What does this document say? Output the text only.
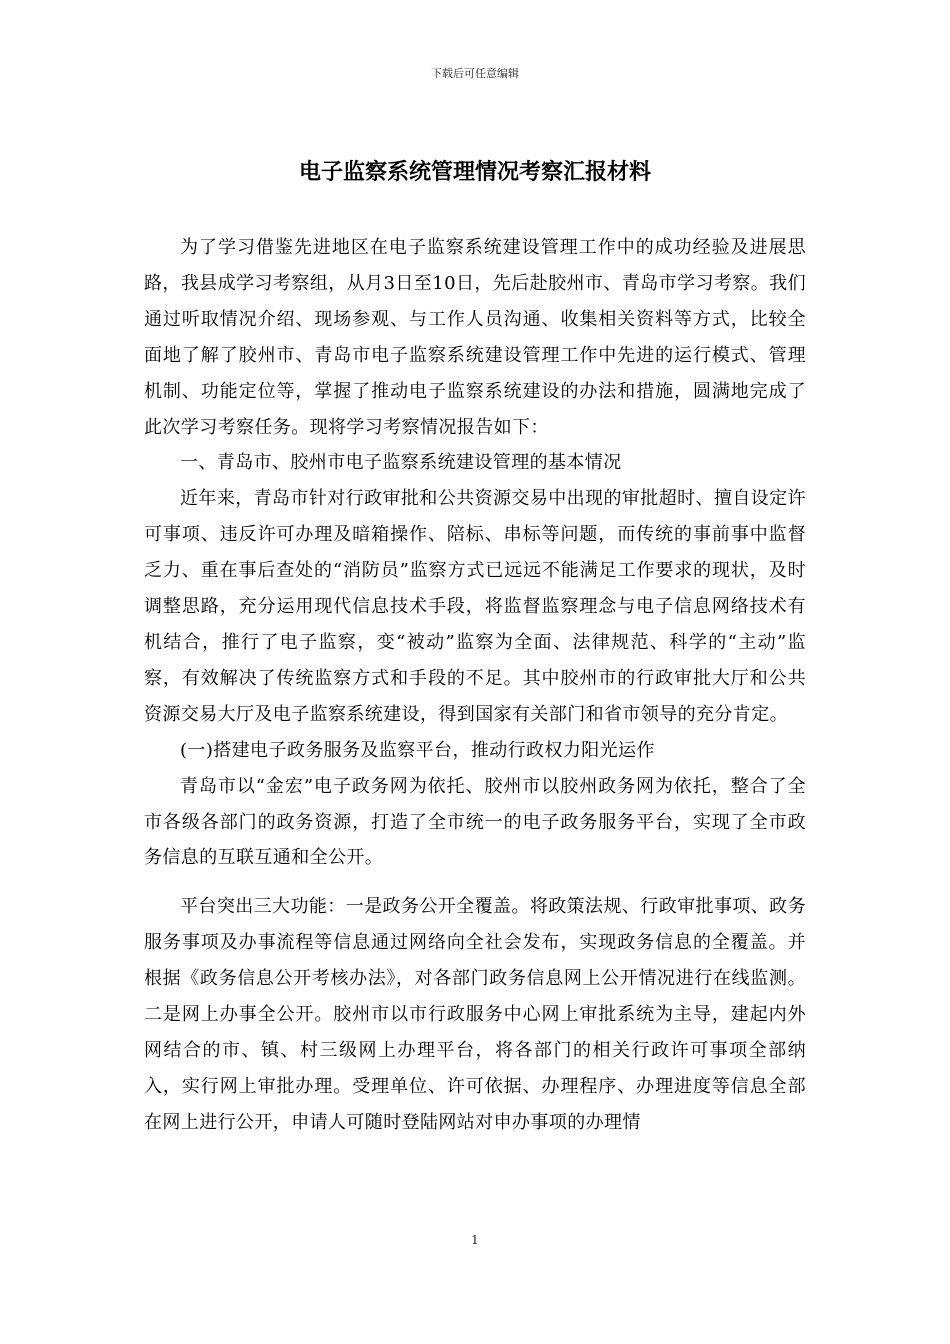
下载后可任意编辑
电子监察系统管理情况考察汇报材料

为了学习借鉴先进地区在电子监察系统建设管理工作中的成功经验及进展思路，我县成学习考察组，从月3日至10日，先后赴胶州市、青岛市学习考察。我们通过听取情况介绍、现场参观、与工作人员沟通、收集相关资料等方式，比较全面地了解了胶州市、青岛市电子监察系统建设管理工作中先进的运行模式、管理机制、功能定位等，掌握了推动电子监察系统建设的办法和措施，圆满地完成了此次学习考察任务。现将学习考察情况报告如下：

一、青岛市、胶州市电子监察系统建设管理的基本情况

近年来，青岛市针对行政审批和公共资源交易中出现的审批超时、擅自设定许可事项、违反许可办理及暗箱操作、陪标、串标等问题，而传统的事前事中监督乏力、重在事后查处的“消防员”监察方式已远远不能满足工作要求的现状，及时调整思路，充分运用现代信息技术手段，将监督监察理念与电子信息网络技术有机结合，推行了电子监察，变“被动”监察为全面、法律规范、科学的“主动”监察，有效解决了传统监察方式和手段的不足。其中胶州市的行政审批大厅和公共资源交易大厅及电子监察系统建设，得到国家有关部门和省市领导的充分肯定。

(一)搭建电子政务服务及监察平台，推动行政权力阳光运作

青岛市以“金宏”电子政务网为依托、胶州市以胶州政务网为依托，整合了全市各级各部门的政务资源，打造了全市统一的电子政务服务平台，实现了全市政务信息的互联互通和全公开。

平台突出三大功能：一是政务公开全覆盖。将政策法规、行政审批事项、政务服务事项及办事流程等信息通过网络向全社会发布，实现政务信息的全覆盖。并根据《政务信息公开考核办法》，对各部门政务信息网上公开情况进行在线监测。二是网上办事全公开。胶州市以市行政服务中心网上审批系统为主导，建起内外网结合的市、镇、村三级网上办理平台，将各部门的相关行政许可事项全部纳入，实行网上审批办理。受理单位、许可依据、办理程序、办理进度等信息全部在网上进行公开，申请人可随时登陆网站对申办事项的办理情

1
